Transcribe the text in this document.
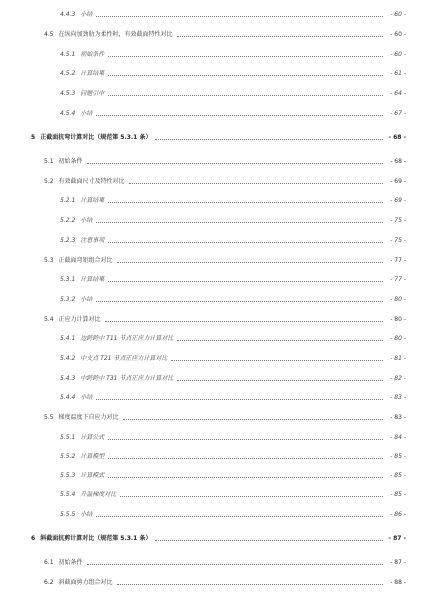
4.4.3 小结	- 60 -
4.5 在纵向加劲肋为柔性时，有效截面特性对比	- 60 -
4.5.1 初始条件	- 60 -
4.5.2 计算结果	- 61 -
4.5.3 问题引申	- 64 -
4.5.4 小结	- 67 -
5 正截面抗弯计算对比（规范第 5.3.1 条）	- 68 -
5.1 初始条件	- 68 -
5.2 有效截面尺寸及特性对比	- 69 -
5.2.1 计算结果	- 69 -
5.2.2 小结	- 75 -
5.2.3 注意事项	- 75 -
5.3 正截面弯矩组合对比	- 77 -
5.3.1 计算结果	- 77 -
5.3.2 小结	- 80 -
5.4 正应力计算对比	- 80 -
5.4.1 边跨跨中 T11 节点正应力计算对比	- 80 -
5.4.2 中支点 T21 节点正应力计算对比	- 81 -
5.4.3 中跨跨中 T31 节点正应力计算对比	- 82 -
5.4.4 小结	- 83 -
5.5 梯度温度下自应力对比	- 83 -
5.5.1 计算公式	- 84 -
5.5.2 计算模型	- 85 -
5.5.3 计算模式	- 85 -
5.5.4 升温梯度对比	- 85 -
5.5.5 小结	- 86 -
6 斜截面抗剪计算对比（规范第 5.3.1 条）	- 87 -
6.1 初始条件	- 87 -
6.2 斜截面剪力组合对比	- 88 -
